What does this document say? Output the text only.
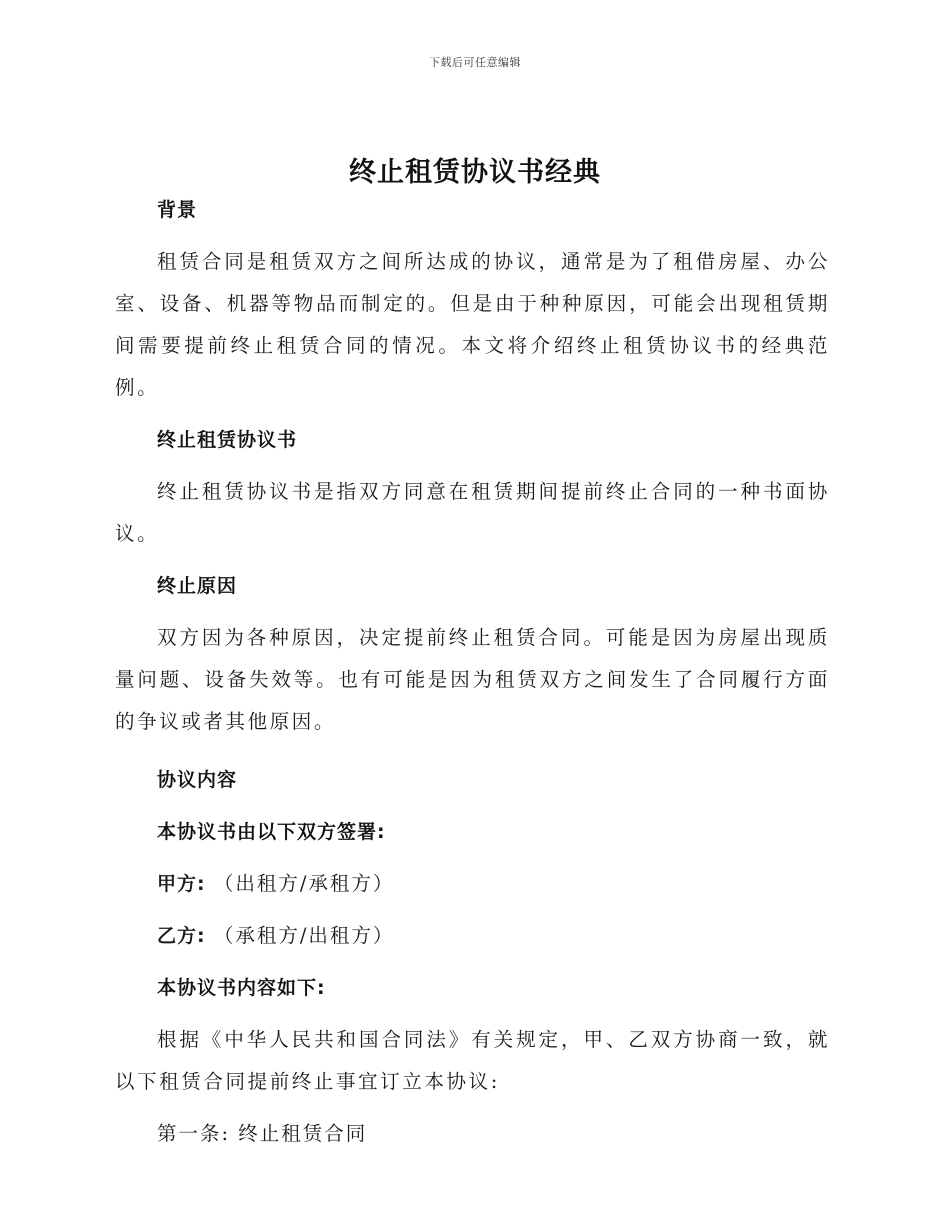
下载后可任意编辑
终止租赁协议书经典
背景

租赁合同是租赁双方之间所达成的协议，通常是为了租借房屋、办公室、设备、机器等物品而制定的。但是由于种种原因，可能会出现租赁期间需要提前终止租赁合同的情况。本文将介绍终止租赁协议书的经典范例。

终止租赁协议书

终止租赁协议书是指双方同意在租赁期间提前终止合同的一种书面协议。

终止原因

双方因为各种原因，决定提前终止租赁合同。可能是因为房屋出现质量问题、设备失效等。也有可能是因为租赁双方之间发生了合同履行方面的争议或者其他原因。

协议内容
本协议书由以下双方签署:
甲方: （出租方/承租方）
乙方: （承租方/出租方）
本协议书内容如下:

根据《中华人民共和国合同法》有关规定，甲、乙双方协商一致，就以下租赁合同提前终止事宜订立本协议:

第一条: 终止租赁合同
